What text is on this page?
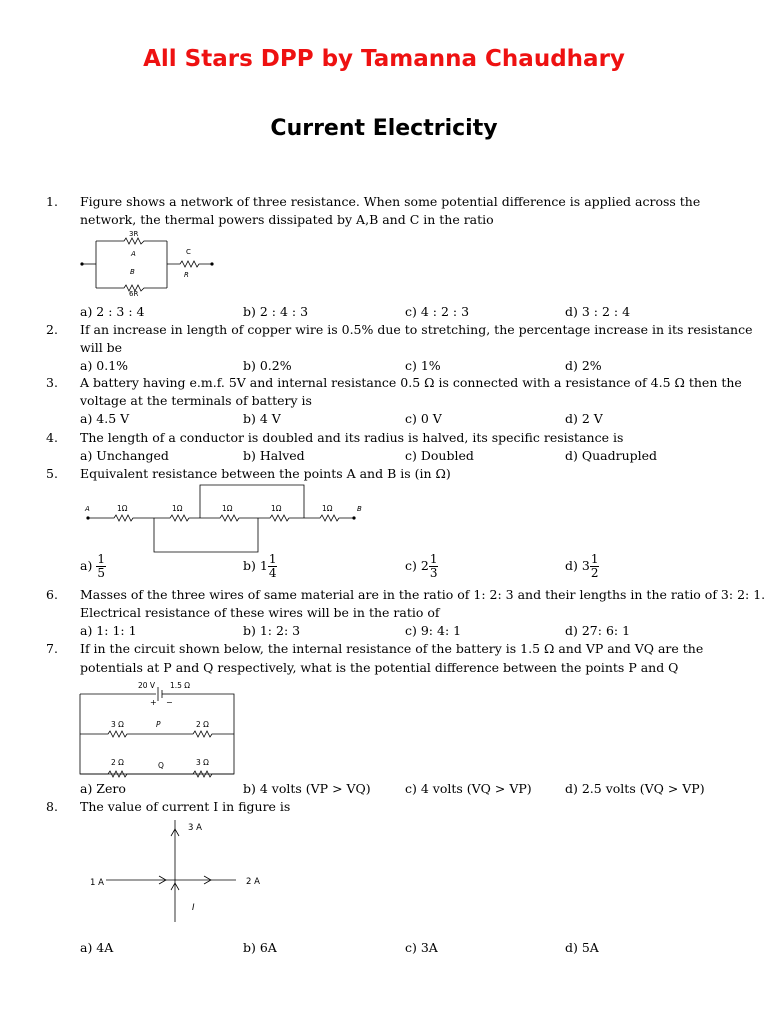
All Stars DPP by Tamanna Chaudhary
Current Electricity
1. Figure shows a network of three resistance. When some potential difference is applied across the
network, the thermal powers dissipated by A,B and C in the ratio
3R
A
B
6R
C
R
a) 2 : 3 : 4	b) 2 : 4 : 3	c) 4 : 2 : 3	d) 3 : 2 : 4
2. If an increase in length of copper wire is 0.5% due to stretching, the percentage increase in its resistance
will be
a) 0.1%	b) 0.2%	c) 1%	d) 2%
3. A battery having e.m.f. 5V and internal resistance 0.5 Ω is connected with a resistance of 4.5 Ω then the
voltage at the terminals of battery is
a) 4.5 V	b) 4 V	c) 0 V	d) 2 V
4. The length of a conductor is doubled and its radius is halved, its specific resistance is
a) Unchanged	b) Halved	c) Doubled	d) Quadrupled
5. Equivalent resistance between the points A and B is (in Ω)
A	B
1Ω	1Ω	1Ω	1Ω	1Ω
$a) \frac{1}{5}$	b) $1 \frac{1}{4}$	c) $2 \frac{1}{3}$	d) $3 \frac{1}{2}$
6. Masses of the three wires of same material are in the ratio of 1: 2: 3 and their lengths in the ratio of 3: 2: 1.
Electrical resistance of these wires will be in the ratio of
a) 1: 1: 1	b) 1: 2: 3	c) 9: 4: 1	d) 27: 6: 1
7. If in the circuit shown below, the internal resistance of the battery is 1.5 Ω and VP and VQ are the
potentials at P and Q respectively, what is the potential difference between the points P and Q
20 V 1.5 Ω
+ −
3 Ω	P	2 Ω
2 Ω	Q	3 Ω
a) Zero	b) 4 volts (VP > VQ)	c) 4 volts (VQ > VP)	d) 2.5 volts (VQ > VP)
8. The value of current I in figure is
3 A
1 A	2 A
I
a) 4A	b) 6A	c) 3A	d) 5A
